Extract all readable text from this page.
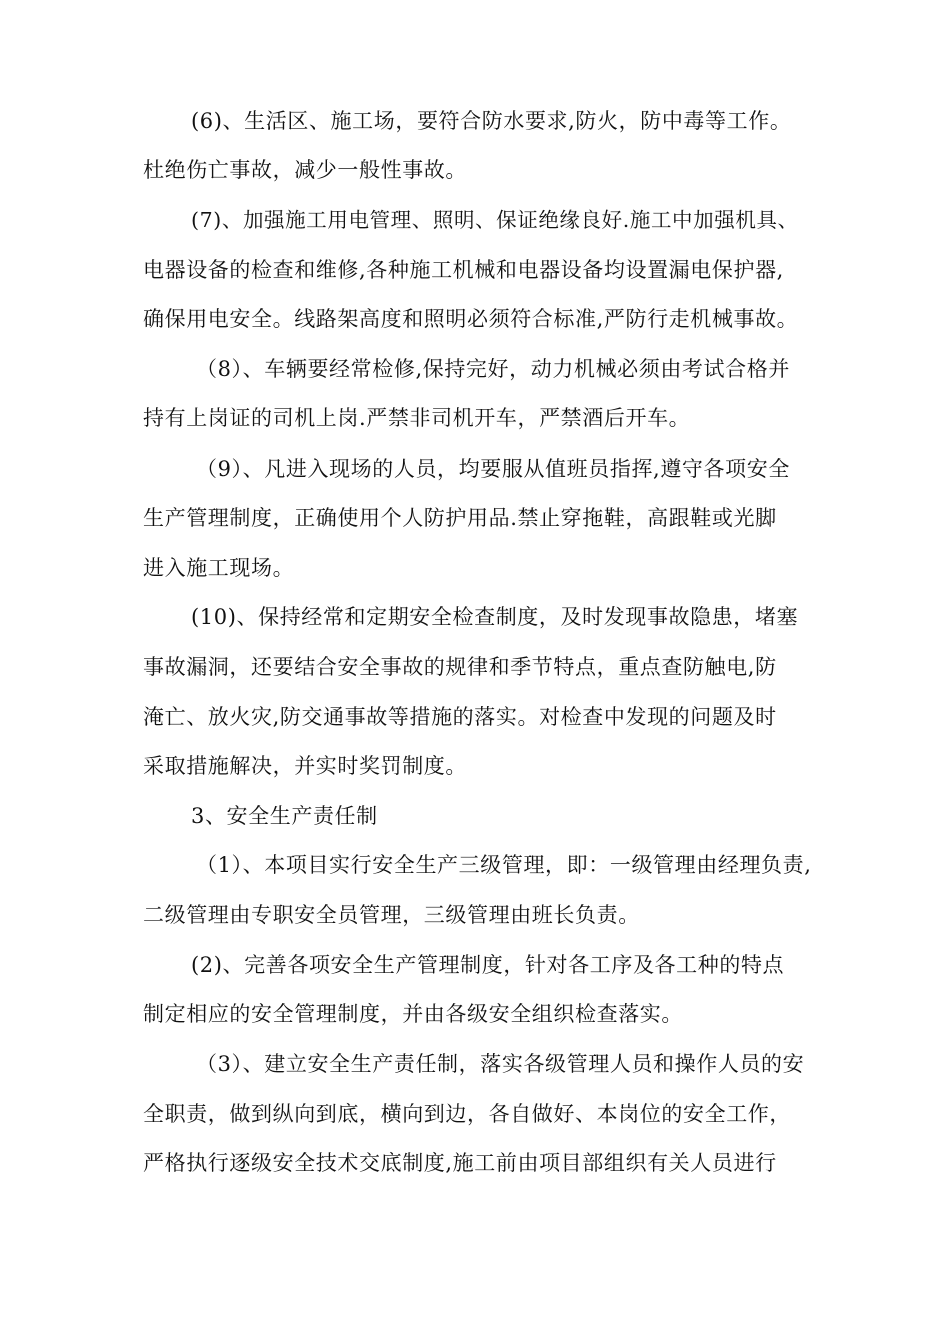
(6)、生活区、施工场，要符合防水要求,防火，防中毒等工作。
杜绝伤亡事故，减少一般性事故。
(7)、加强施工用电管理、照明、保证绝缘良好.施工中加强机具、
电器设备的检查和维修,各种施工机械和电器设备均设置漏电保护器,
确保用电安全。线路架高度和照明必须符合标准,严防行走机械事故。
（8）、车辆要经常检修,保持完好，动力机械必须由考试合格并
持有上岗证的司机上岗.严禁非司机开车，严禁酒后开车。
（9）、凡进入现场的人员，均要服从值班员指挥,遵守各项安全
生产管理制度，正确使用个人防护用品.禁止穿拖鞋，高跟鞋或光脚
进入施工现场。
(10)、保持经常和定期安全检查制度，及时发现事故隐患，堵塞
事故漏洞，还要结合安全事故的规律和季节特点，重点查防触电,防
淹亡、放火灾,防交通事故等措施的落实。对检查中发现的问题及时
采取措施解决，并实时奖罚制度。
3、安全生产责任制
（1）、本项目实行安全生产三级管理，即：一级管理由经理负责,
二级管理由专职安全员管理，三级管理由班长负责。
(2)、完善各项安全生产管理制度，针对各工序及各工种的特点
制定相应的安全管理制度，并由各级安全组织检查落实。
（3）、建立安全生产责任制，落实各级管理人员和操作人员的安
全职责，做到纵向到底，横向到边，各自做好、本岗位的安全工作，
严格执行逐级安全技术交底制度,施工前由项目部组织有关人员进行
